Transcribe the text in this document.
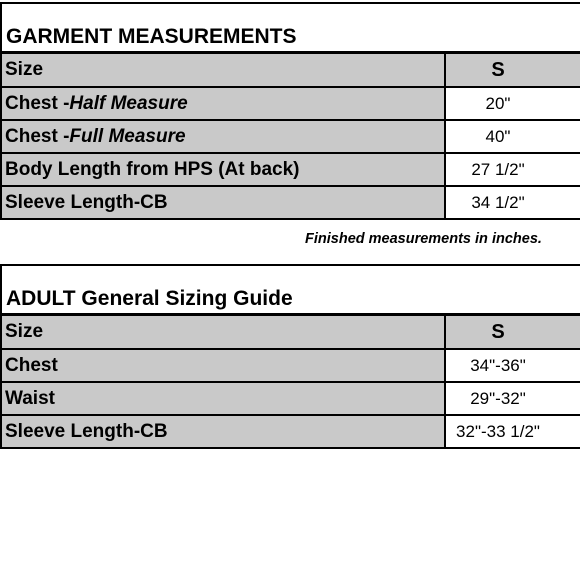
GARMENT MEASUREMENTS
Size	S
Chest - Half Measure	20"
Chest - Full Measure	40"
Body Length from HPS (At back)	27 1/2"
Sleeve Length-CB	34 1/2"
Finished measurements in inches.
ADULT General Sizing Guide
Size	S
Chest	34"-36"
Waist	29"-32"
Sleeve Length-CB	32"-33 1/2"
